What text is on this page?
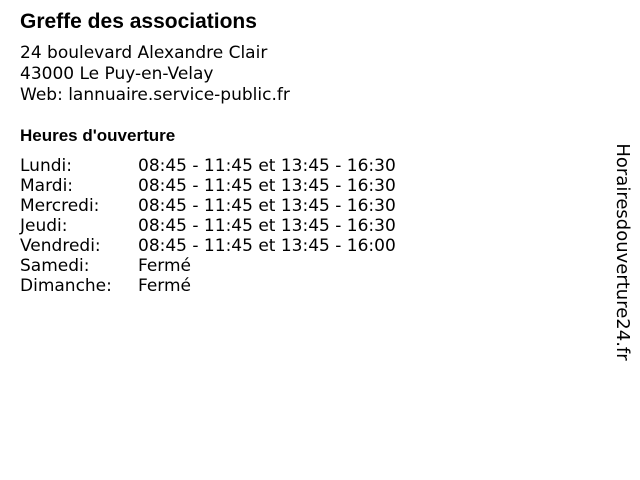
Greffe des associations
24 boulevard Alexandre Clair
43000 Le Puy-en-Velay
Web: lannuaire.service-public.fr
Heures d'ouverture
Lundi:	08:45 - 11:45 et 13:45 - 16:30
Mardi:	08:45 - 11:45 et 13:45 - 16:30
Mercredi:	08:45 - 11:45 et 13:45 - 16:30
Jeudi:	08:45 - 11:45 et 13:45 - 16:30
Vendredi:	08:45 - 11:45 et 13:45 - 16:00
Samedi:	Fermé
Dimanche:	Fermé	Horairesdouverture24.fr
